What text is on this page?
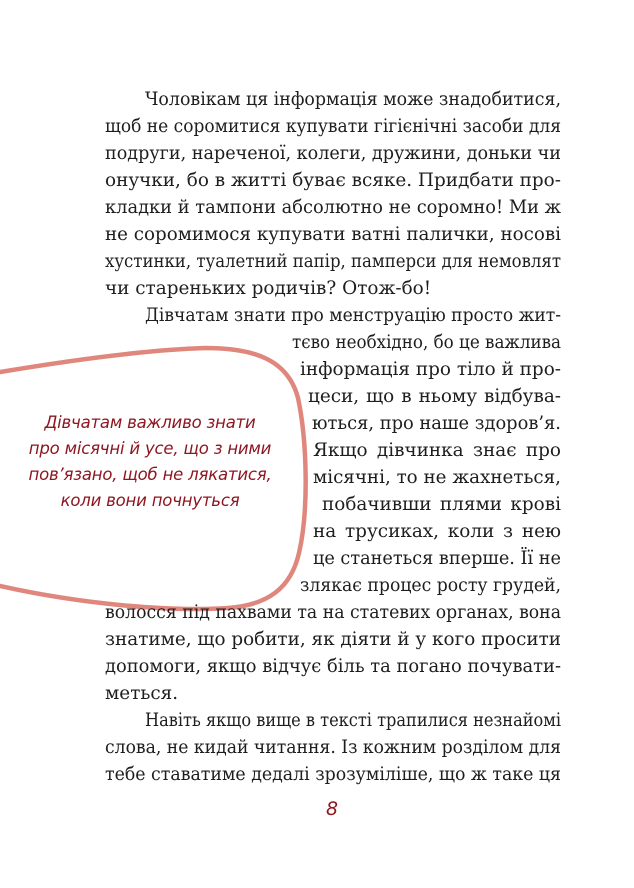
Чоловікам ця інформація може знадобитися,

щоб не соромитися купувати гігієнічні засоби для

подруги, нареченої, колеги, дружини, доньки чи

онучки, бо в житті буває всяке. Придбати про-

кладки й тампони абсолютно не соромно! Ми ж

не соромимося купувати ватні палички, носові

хустинки, туалетний папір, памперси для немовлят

чи старенькиx родичів? Отож-бо!

Дівчатам знати про менструацію просто жит-

тєво необхідно, бо це важлива

інформація про тіло й про-

цеси, що в ньому відбува-

ються, про наше здоров’я.

Якщо дівчинка знає про

місячні, то не жахнеться,

побачивши плями крові

на трусиках, коли з нею

це станеться вперше. Її не

злякає процес росту грудей,

волосся під пахвами та на статевих органах, вона

знатиме, що робити, як діяти й у кого просити

допомоги, якщо відчує біль та погано почувати-

меться.

Навіть якщо вище в тексті трапилися незнайомі

слова, не кидай читання. Із кожним розділом для

тебе ставатиме дедалі зрозуміліше, що ж таке ця

Дівчатам важливо знати
про місячні й усе, що з ними
пов’язано, щоб не лякатися,
коли вони почнуться
8
